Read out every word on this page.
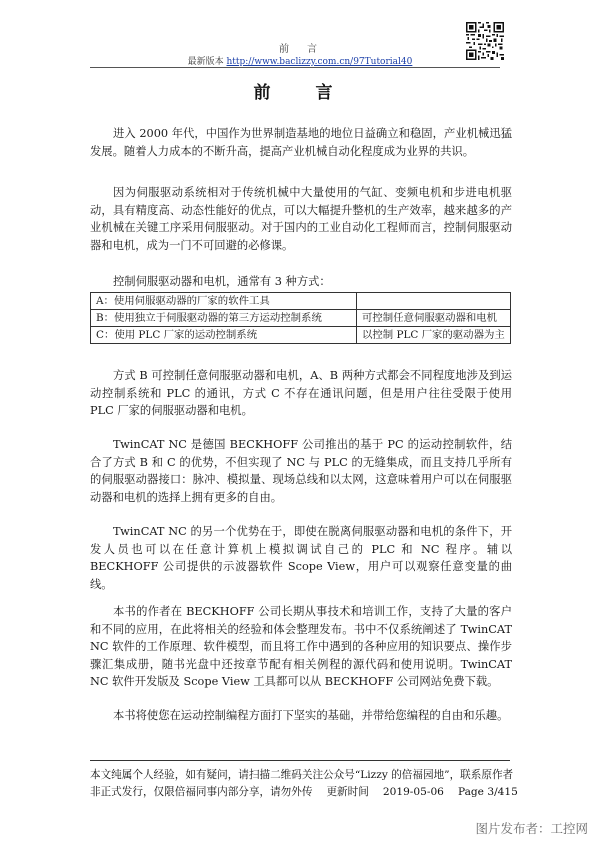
前　言
最新版本 http://www.baclizzy.com.cn/97Tutorial40
前　言

进入 2000 年代，中国作为世界制造基地的地位日益确立和稳固，产业机械迅猛发展。随着人力成本的不断升高，提高产业机械自动化程度成为业界的共识。

因为伺服驱动系统相对于传统机械中大量使用的气缸、变频电机和步进电机驱动，具有精度高、动态性能好的优点，可以大幅提升整机的生产效率，越来越多的产业机械在关键工序采用伺服驱动。对于国内的工业自动化工程师而言，控制伺服驱动器和电机，成为一门不可回避的必修课。

控制伺服驱动器和电机，通常有 3 种方式：

A：使用伺服驱动器的厂家的软件工具	
B：使用独立于伺服驱动器的第三方运动控制系统	可控制任意伺服驱动器和电机
C：使用 PLC 厂家的运动控制系统	以控制 PLC 厂家的驱动器为主

方式 B 可控制任意伺服驱动器和电机，A、B 两种方式都会不同程度地涉及到运动控制系统和 PLC 的通讯，方式 C 不存在通讯问题，但是用户往往受限于使用 PLC 厂家的伺服驱动器和电机。

TwinCAT NC 是德国 BECKHOFF 公司推出的基于 PC 的运动控制软件，结合了方式 B 和 C 的优势，不但实现了 NC 与 PLC 的无缝集成，而且支持几乎所有的伺服驱动器接口：脉冲、模拟量、现场总线和以太网，这意味着用户可以在伺服驱动器和电机的选择上拥有更多的自由。

TwinCAT NC 的另一个优势在于，即使在脱离伺服驱动器和电机的条件下，开发人员也可以在任意计算机上模拟调试自己的 PLC 和 NC 程序。辅以 BECKHOFF 公司提供的示波器软件 Scope View，用户可以观察任意变量的曲线。

本书的作者在 BECKHOFF 公司长期从事技术和培训工作，支持了大量的客户和不同的应用，在此将相关的经验和体会整理发布。书中不仅系统阐述了 TwinCAT NC 软件的工作原理、软件模型，而且将工作中遇到的各种应用的知识要点、操作步骤汇集成册，随书光盘中还按章节配有相关例程的源代码和使用说明。TwinCAT NC 软件开发版及 Scope View 工具都可以从 BECKHOFF 公司网站免费下载。

本书将使您在运动控制编程方面打下坚实的基础，并带给您编程的自由和乐趣。

本文纯属个人经验，如有疑问，请扫描二维码关注公众号“Lizzy 的倍福园地”，联系原作者
非正式发行，仅限倍福同事内部分享，请勿外传 更新时间 2019-05-06 Page 3/415
图片发布者：工控网
